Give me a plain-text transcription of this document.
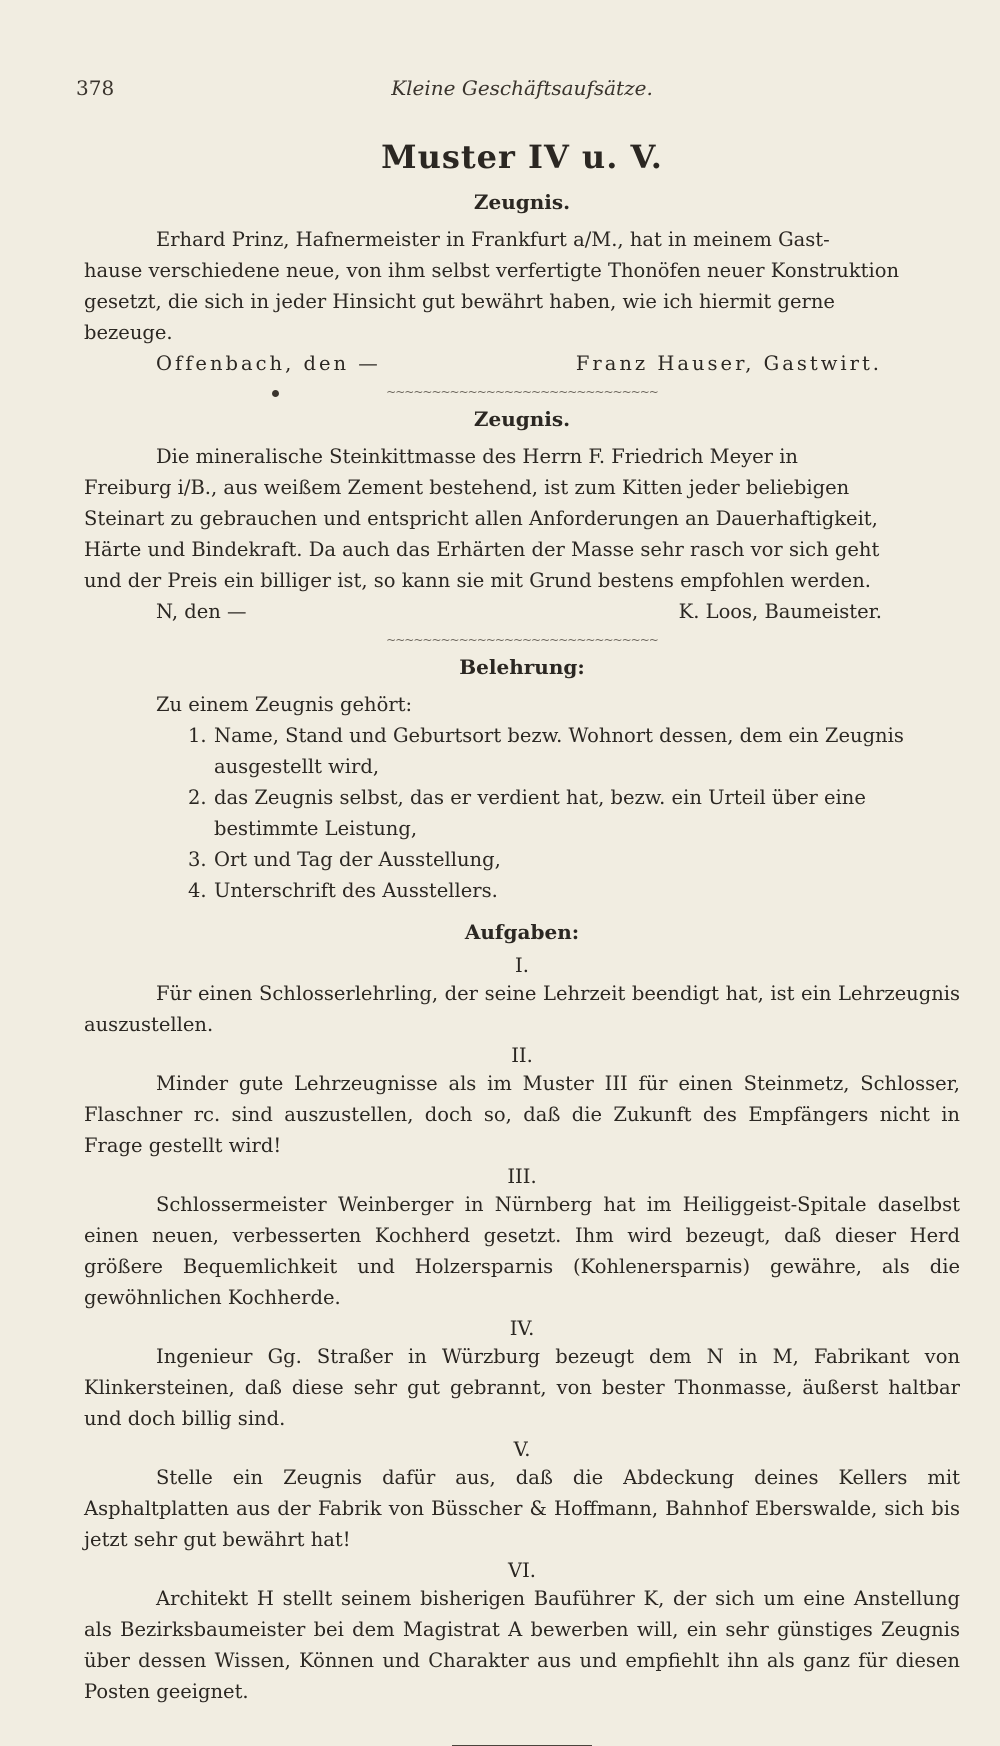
378	Kleine Geschäftsaufsätze.
Muster IV u. V.
Zeugnis.

Erhard Prinz, Hafnermeister in Frankfurt a/M., hat in meinem Gast-

hause verschiedene neue, von ihm selbst verfertigte Thonöfen neuer Konstruktion

gesetzt, die sich in jeder Hinsicht gut bewährt haben, wie ich hiermit gerne

bezeuge.

Offenbach, den —	Franz Hauser, Gastwirt.
~~~~~~~~~~~~~~~~~~~~~~~~~~~~~~
Zeugnis.

Die mineralische Steinkittmasse des Herrn F. Friedrich Meyer in

Freiburg i/B., aus weißem Zement bestehend, ist zum Kitten jeder beliebigen

Steinart zu gebrauchen und entspricht allen Anforderungen an Dauerhaftigkeit,

Härte und Bindekraft. Da auch das Erhärten der Masse sehr rasch vor sich geht

und der Preis ein billiger ist, so kann sie mit Grund bestens empfohlen werden.

N, den —	K. Loos, Baumeister.
~~~~~~~~~~~~~~~~~~~~~~~~~~~~~~
Belehrung:

Zu einem Zeugnis gehört:

1. Name, Stand und Geburtsort bezw. Wohnort dessen, dem ein Zeugnis ausgestellt wird,
2. das Zeugnis selbst, das er verdient hat, bezw. ein Urteil über eine bestimmte Leistung,
3. Ort und Tag der Ausstellung,
4. Unterschrift des Ausstellers.
Aufgaben:
I.

Für einen Schlosserlehrling, der seine Lehrzeit beendigt hat, ist ein Lehrzeugnis auszustellen.

II.

Minder gute Lehrzeugnisse als im Muster III für einen Steinmetz, Schlosser, Flaschner rc. sind auszustellen, doch so, daß die Zukunft des Empfängers nicht in Frage gestellt wird!

III.

Schlossermeister Weinberger in Nürnberg hat im Heiliggeist-Spitale daselbst einen neuen, verbesserten Kochherd gesetzt. Ihm wird bezeugt, daß dieser Herd größere Bequemlichkeit und Holzersparnis (Kohlenersparnis) gewähre, als die gewöhnlichen Kochherde.

IV.

Ingenieur Gg. Straßer in Würzburg bezeugt dem N in M, Fabrikant von Klinkersteinen, daß diese sehr gut gebrannt, von bester Thonmasse, äußerst haltbar und doch billig sind.

V.

Stelle ein Zeugnis dafür aus, daß die Abdeckung deines Kellers mit Asphaltplatten aus der Fabrik von Büsscher & Hoffmann, Bahnhof Eberswalde, sich bis jetzt sehr gut bewährt hat!

VI.

Architekt H stellt seinem bisherigen Bauführer K, der sich um eine Anstellung als Bezirksbaumeister bei dem Magistrat A bewerben will, ein sehr günstiges Zeugnis über dessen Wissen, Können und Charakter aus und empfiehlt ihn als ganz für diesen Posten geeignet.
